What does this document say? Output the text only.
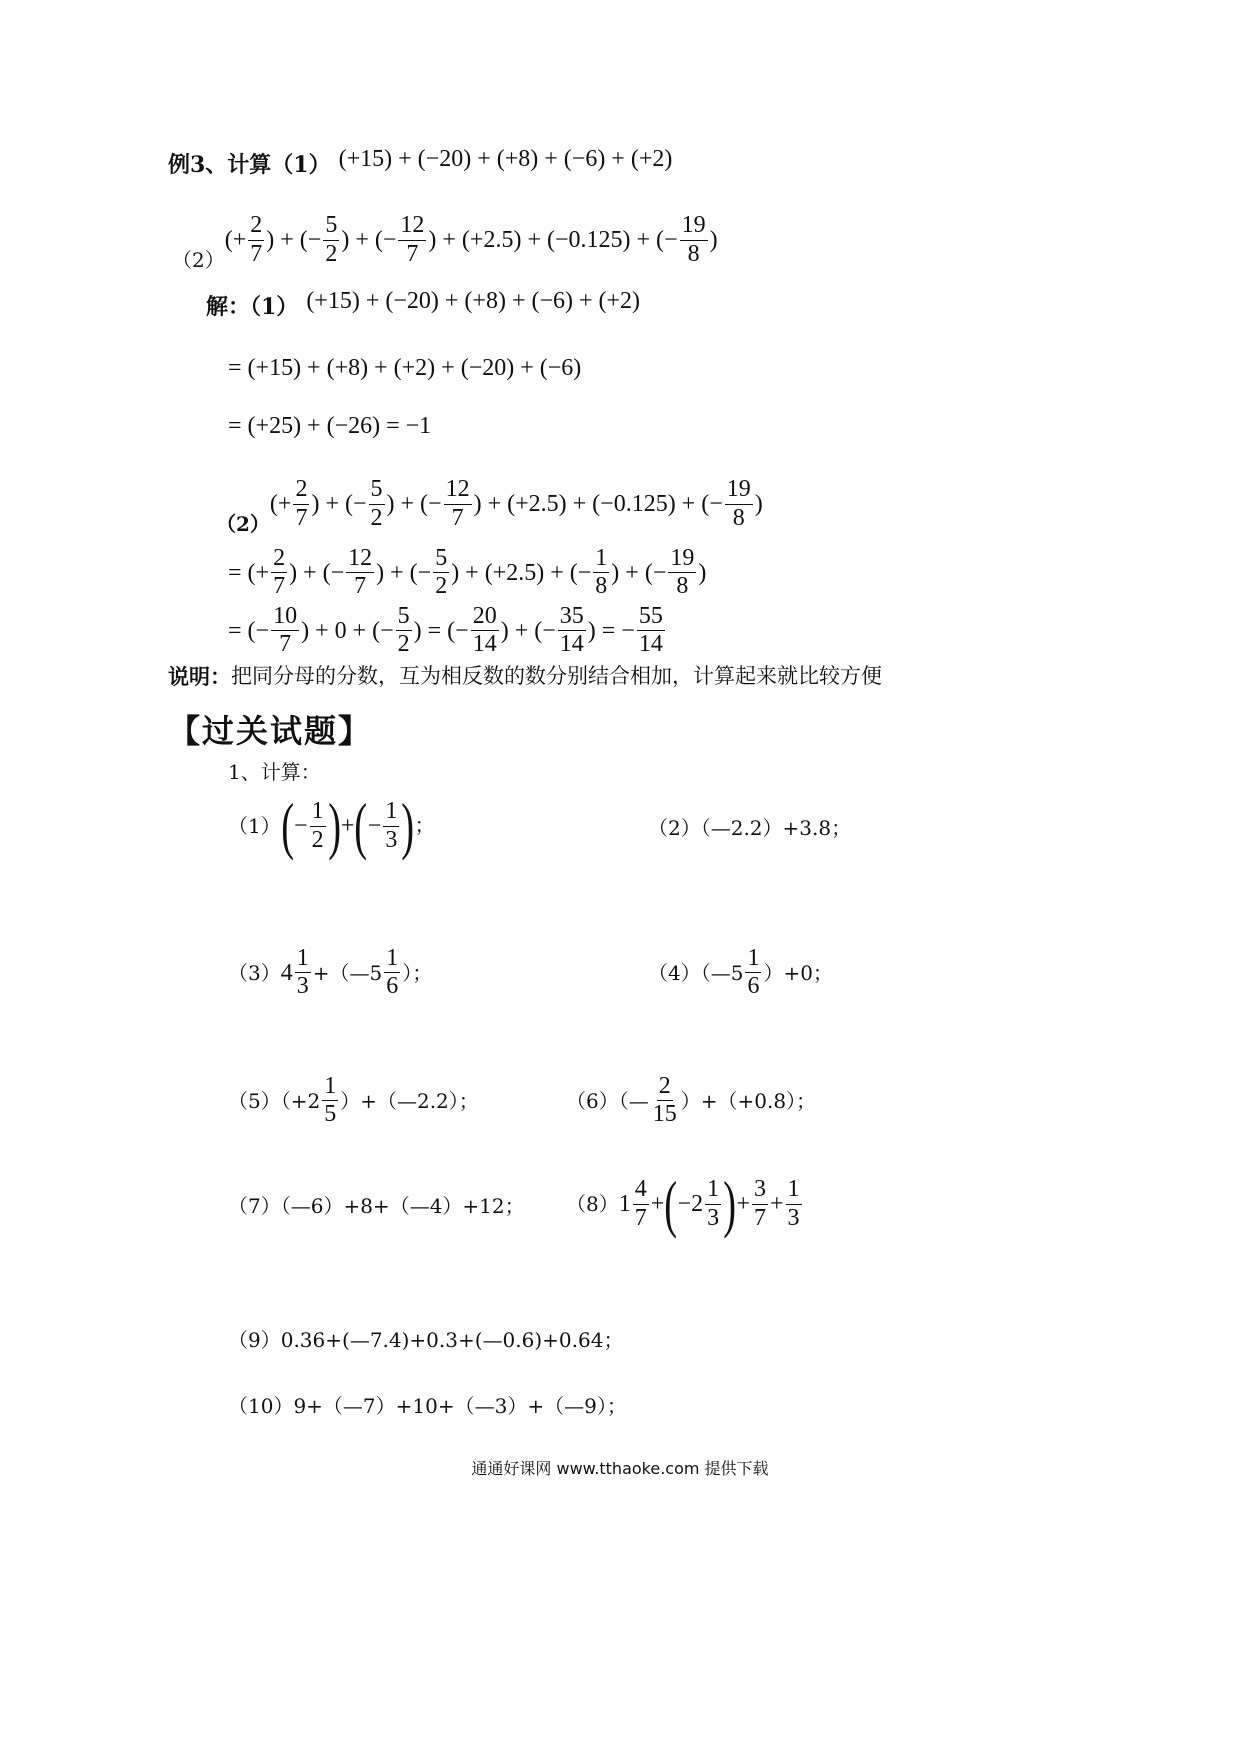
例3、计算（1） (+15) + (−20) + (+8) + (−6) + (+2)
（2）
(+ $\frac{2}{7}$ ) + (− $\frac{5}{2}$ ) + (− $\frac{12}{7}$ ) + (+2.5) + (−0.125) + (− $\frac{19}{8}$ )
解：（1） (+15) + (−20) + (+8) + (−6) + (+2)
= (+15) + (+8) + (+2) + (−20) + (−6)
= (+25) + (−26) = −1
（2）
(+ $\frac{2}{7}$ ) + (− $\frac{5}{2}$ ) + (− $\frac{12}{7}$ ) + (+2.5) + (−0.125) + (− $\frac{19}{8}$ )
= (+ $\frac{2}{7}$ ) + (− $\frac{12}{7}$ ) + (− $\frac{5}{2}$ ) + (+2.5) + (− $\frac{1}{8}$ ) + (− $\frac{19}{8}$ )
= (− $\frac{10}{7}$ ) + 0 + (− $\frac{5}{2}$ ) = (− $\frac{20}{14}$ ) + (− $\frac{35}{14}$ ) = − $\frac{55}{14}$
说明： 把同分母的分数，互为相反数的数分别结合相加，计算起来就比较方便
【过关试题】
1、计算：
（1） ( − $\frac{1}{2}$ ) + ( − $\frac{1}{3}$ ) ；	（2）（—2.2）+3.8；
（3） $4 \frac{1}{3}$ +（—5 $\frac{1}{6}$ ）；	（4）（—5 $\frac{1}{6} )+0$；
$(5)(+2 \frac{1}{5}$ ）+（—2.2）；	（6）（— $\frac{2}{15} )+(+0.8)$；
（7）（—6）+8+（—4）+12； （8） $1 \frac{4}{7}$ + ( $-2 \frac{1}{3}$ ) + $\frac{3}{7} + \frac{1}{3}$
（9）0.36+(—7.4)+0.3+(—0.6)+0.64；
（10）9+（—7）+10+（—3）+（—9）；
通通好课网 www.tthaoke.com 提供下载
